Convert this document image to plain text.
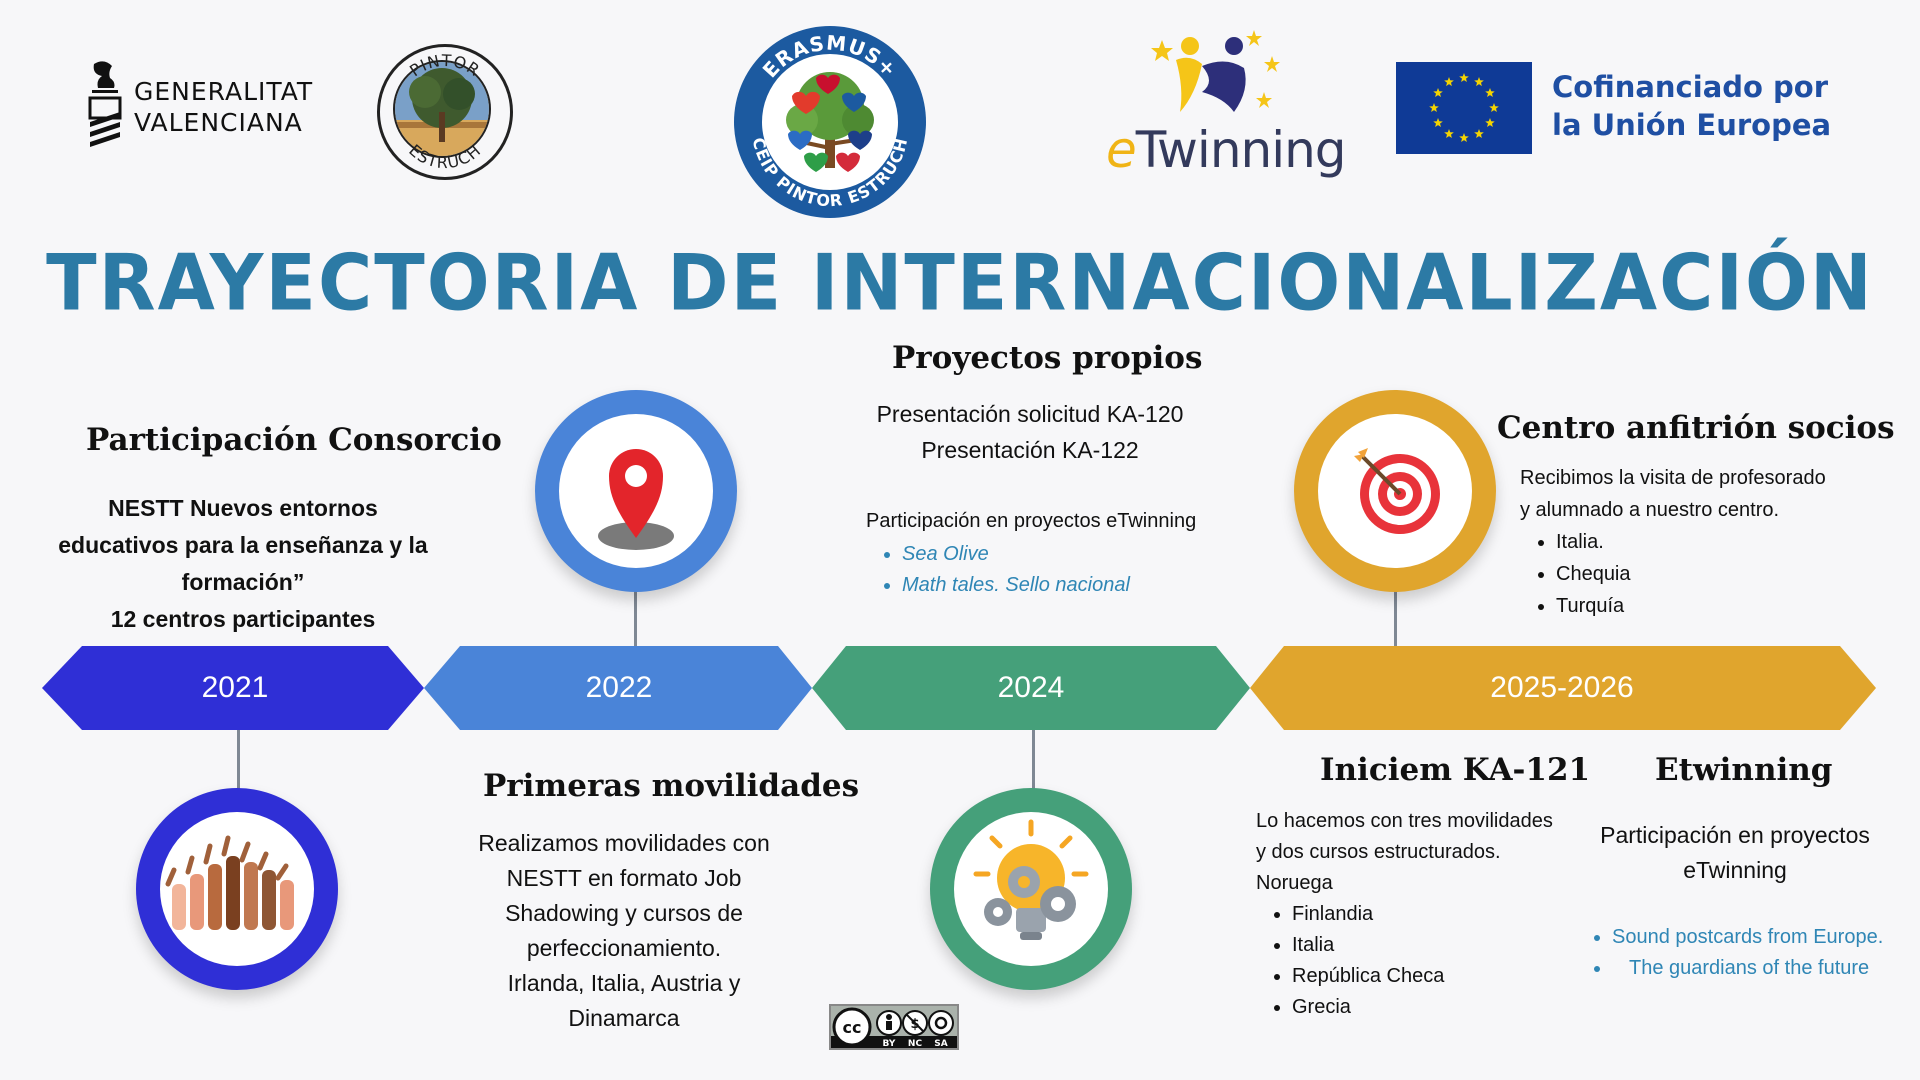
GENERALITAT
VALENCIANA
PINTOR
ESTRUCH
ERASMUS+
CEIP PINTOR ESTRUCH	eTwinning
Cofinanciado por
la Unión Europea
TRAYECTORIA DE INTERNACIONALIZACIÓN
2021	2022	2024	2025-2026
Participación Consorcio
NESTT Nuevos entornos
educativos para la enseñanza y la
formación”
12 centros participantes
Primeras movilidades
Realizamos movilidades con
NESTT en formato Job
Shadowing y cursos de
perfeccionamiento.
Irlanda, Italia, Austria y
Dinamarca
Proyectos propios
Presentación solicitud KA-120
Presentación KA-122
Participación en proyectos eTwinning
• Sea Olive
• Math tales. Sello nacional
Centro anfitrión socios
Recibimos la visita de profesorado
y alumnado a nuestro centro.
• Italia.
• Chequia
• Turquía
Iniciem KA-121
Lo hacemos con tres movilidades
y dos cursos estructurados.
Noruega
• Finlandia
• Italia
• República Checa
• Grecia
Etwinning
Participación en proyectos
eTwinning
• Sound postcards from Europe.
• The guardians of the future
cc	$
BY NC SA
